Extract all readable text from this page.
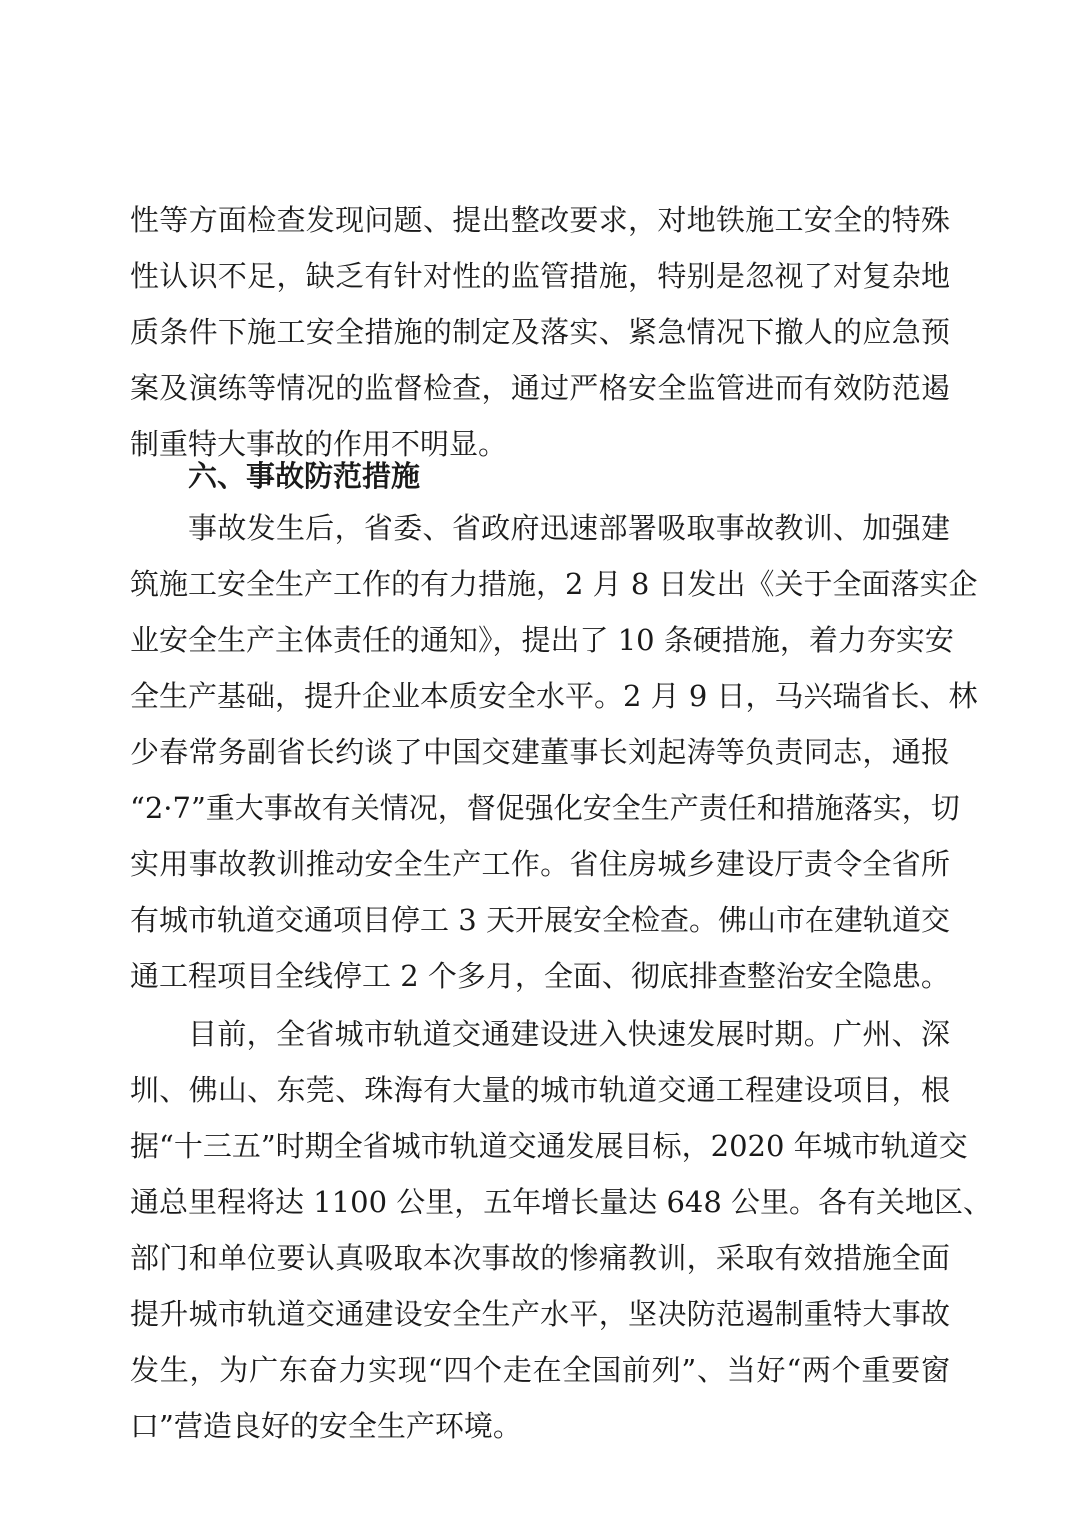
性等方面检查发现问题、提出整改要求，对地铁施工安全的特殊
性认识不足，缺乏有针对性的监管措施，特别是忽视了对复杂地
质条件下施工安全措施的制定及落实、紧急情况下撤人的应急预
案及演练等情况的监督检查，通过严格安全监管进而有效防范遏
制重特大事故的作用不明显。
六、事故防范措施
事故发生后，省委、省政府迅速部署吸取事故教训、加强建
筑施工安全生产工作的有力措施，2 月 8 日发出《关于全面落实企
业安全生产主体责任的通知》，提出了 10 条硬措施，着力夯实安
全生产基础，提升企业本质安全水平。2 月 9 日，马兴瑞省长、林
少春常务副省长约谈了中国交建董事长刘起涛等负责同志，通报
“2·7”重大事故有关情况，督促强化安全生产责任和措施落实，切
实用事故教训推动安全生产工作。省住房城乡建设厅责令全省所
有城市轨道交通项目停工 3 天开展安全检查。佛山市在建轨道交
通工程项目全线停工 2 个多月，全面、彻底排查整治安全隐患。
目前，全省城市轨道交通建设进入快速发展时期。广州、深
圳、佛山、东莞、珠海有大量的城市轨道交通工程建设项目，根
据“十三五”时期全省城市轨道交通发展目标，2020 年城市轨道交
通总里程将达 1100 公里，五年增长量达 648 公里。各有关地区、
部门和单位要认真吸取本次事故的惨痛教训，采取有效措施全面
提升城市轨道交通建设安全生产水平，坚决防范遏制重特大事故
发生，为广东奋力实现“四个走在全国前列”、当好“两个重要窗
口”营造良好的安全生产环境。
